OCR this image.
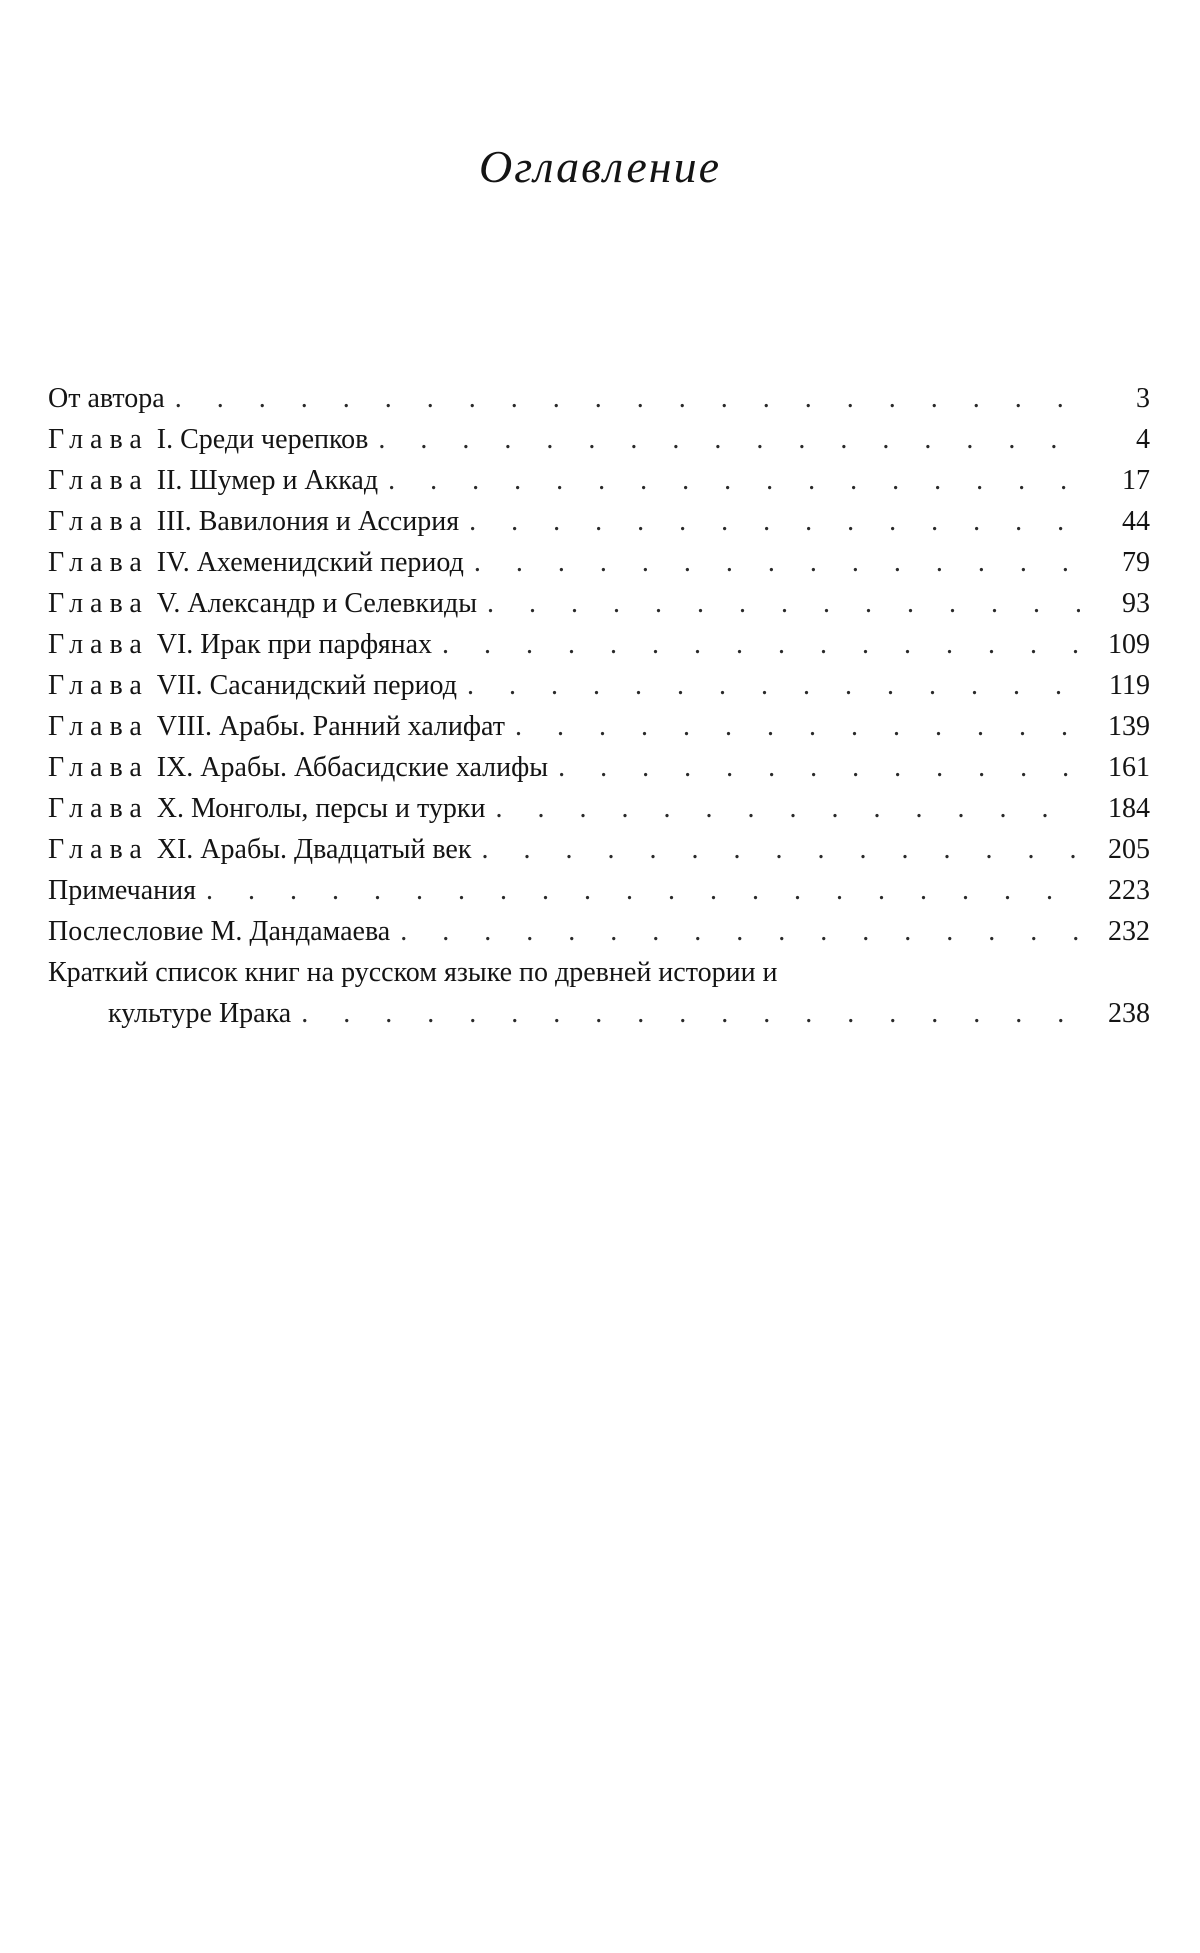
Оглавление
От автора . . .	3
Глава I. Среди черепков . . .	4
Глава II. Шумер и Аккад . . .	17
Глава III. Вавилония и Ассирия . . .	44
Глава IV. Ахеменидский период . . .	79
Глава V. Александр и Селевкиды . . .	93
Глава VI. Ирак при парфянах . . .	109
Глава VII. Сасанидский период . . .	119
Глава VIII. Арабы. Ранний халифат . . .	139
Глава IX. Арабы. Аббасидские халифы . . .	161
Глава X. Монголы, персы и турки . . .	184
Глава XI. Арабы. Двадцатый век . . .	205
Примечания . . .	223
Послесловие М. Дандамаева . . .	232
Краткий список книг на русском языке по древней истории и
культуре Ирака . . .	238
